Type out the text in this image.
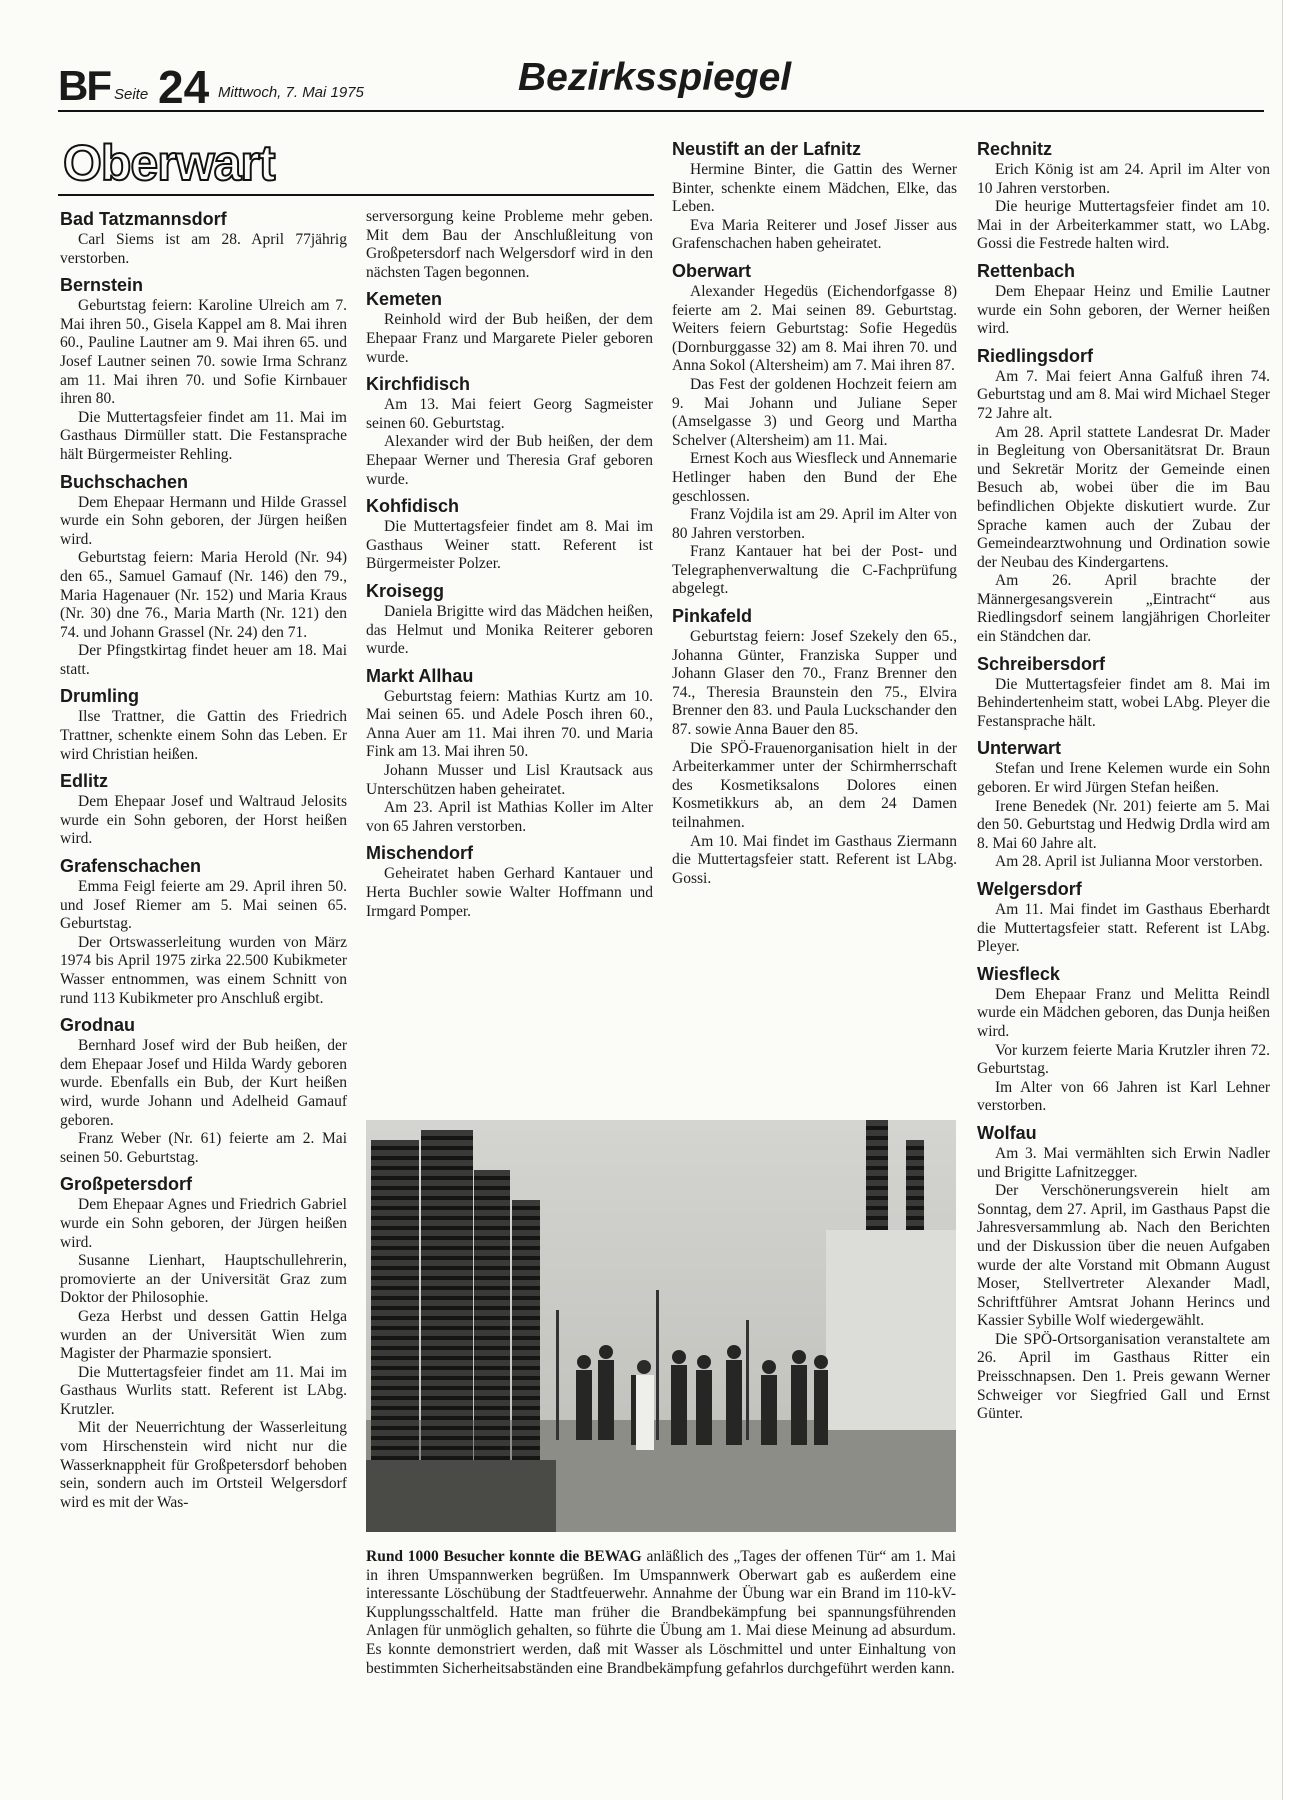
BF Seite 24 Mittwoch, 7. Mai 1975	Bezirksspiegel
Oberwart
Bad Tatzmannsdorf

Carl Siems ist am 28. April 77jährig verstorben.

Bernstein

Geburtstag feiern: Karoline Ulreich am 7. Mai ihren 50., Gisela Kappel am 8. Mai ihren 60., Pauline Lautner am 9. Mai ihren 65. und Josef Lautner seinen 70. sowie Irma Schranz am 11. Mai ihren 70. und Sofie Kirnbauer ihren 80.

Die Muttertagsfeier findet am 11. Mai im Gasthaus Dirmüller statt. Die Festansprache hält Bürgermeister Rehling.

Buchschachen

Dem Ehepaar Hermann und Hilde Grassel wurde ein Sohn geboren, der Jürgen heißen wird.

Geburtstag feiern: Maria Herold (Nr. 94) den 65., Samuel Gamauf (Nr. 146) den 79., Maria Hagenauer (Nr. 152) und Maria Kraus (Nr. 30) dne 76., Maria Marth (Nr. 121) den 74. und Johann Grassel (Nr. 24) den 71.

Der Pfingstkirtag findet heuer am 18. Mai statt.

Drumling

Ilse Trattner, die Gattin des Friedrich Trattner, schenkte einem Sohn das Leben. Er wird Christian heißen.

Edlitz

Dem Ehepaar Josef und Waltraud Jelosits wurde ein Sohn geboren, der Horst heißen wird.

Grafenschachen

Emma Feigl feierte am 29. April ihren 50. und Josef Riemer am 5. Mai seinen 65. Geburtstag.

Der Ortswasserleitung wurden von März 1974 bis April 1975 zirka 22.500 Kubikmeter Wasser entnommen, was einem Schnitt von rund 113 Kubikmeter pro Anschluß ergibt.

Grodnau

Bernhard Josef wird der Bub heißen, der dem Ehepaar Josef und Hilda Wardy geboren wurde. Ebenfalls ein Bub, der Kurt heißen wird, wurde Johann und Adelheid Gamauf geboren.

Franz Weber (Nr. 61) feierte am 2. Mai seinen 50. Geburtstag.

Großpetersdorf

Dem Ehepaar Agnes und Friedrich Gabriel wurde ein Sohn geboren, der Jürgen heißen wird.

Susanne Lienhart, Hauptschullehrerin, promovierte an der Universität Graz zum Doktor der Philosophie.

Geza Herbst und dessen Gattin Helga wurden an der Universität Wien zum Magister der Pharmazie sponsiert.

Die Muttertagsfeier findet am 11. Mai im Gasthaus Wurlits statt. Referent ist LAbg. Krutzler.

Mit der Neuerrichtung der Wasserleitung vom Hirschenstein wird nicht nur die Wasserknappheit für Großpetersdorf behoben sein, sondern auch im Ortsteil Welgersdorf wird es mit der Was-

serversorgung keine Probleme mehr geben. Mit dem Bau der Anschlußleitung von Großpetersdorf nach Welgersdorf wird in den nächsten Tagen begonnen.

Kemeten

Reinhold wird der Bub heißen, der dem Ehepaar Franz und Margarete Pieler geboren wurde.

Kirchfidisch

Am 13. Mai feiert Georg Sagmeister seinen 60. Geburtstag.

Alexander wird der Bub heißen, der dem Ehepaar Werner und Theresia Graf geboren wurde.

Kohfidisch

Die Muttertagsfeier findet am 8. Mai im Gasthaus Weiner statt. Referent ist Bürgermeister Polzer.

Kroisegg

Daniela Brigitte wird das Mädchen heißen, das Helmut und Monika Reiterer geboren wurde.

Markt Allhau

Geburtstag feiern: Mathias Kurtz am 10. Mai seinen 65. und Adele Posch ihren 60., Anna Auer am 11. Mai ihren 70. und Maria Fink am 13. Mai ihren 50.

Johann Musser und Lisl Krautsack aus Unterschützen haben geheiratet.

Am 23. April ist Mathias Koller im Alter von 65 Jahren verstorben.

Mischendorf

Geheiratet haben Gerhard Kantauer und Herta Buchler sowie Walter Hoffmann und Irmgard Pomper.

Neustift an der Lafnitz

Hermine Binter, die Gattin des Werner Binter, schenkte einem Mädchen, Elke, das Leben.

Eva Maria Reiterer und Josef Jisser aus Grafenschachen haben geheiratet.

Oberwart

Alexander Hegedüs (Eichendorfgasse 8) feierte am 2. Mai seinen 89. Geburtstag. Weiters feiern Geburtstag: Sofie Hegedüs (Dornburggasse 32) am 8. Mai ihren 70. und Anna Sokol (Altersheim) am 7. Mai ihren 87.

Das Fest der goldenen Hochzeit feiern am 9. Mai Johann und Juliane Seper (Amselgasse 3) und Georg und Martha Schelver (Altersheim) am 11. Mai.

Ernest Koch aus Wiesfleck und Annemarie Hetlinger haben den Bund der Ehe geschlossen.

Franz Vojdila ist am 29. April im Alter von 80 Jahren verstorben.

Franz Kantauer hat bei der Post- und Telegraphenverwaltung die C-Fachprüfung abgelegt.

Pinkafeld

Geburtstag feiern: Josef Szekely den 65., Johanna Günter, Franziska Supper und Johann Glaser den 70., Franz Brenner den 74., Theresia Braunstein den 75., Elvira Brenner den 83. und Paula Luckschander den 87. sowie Anna Bauer den 85.

Die SPÖ-Frauenorganisation hielt in der Arbeiterkammer unter der Schirmherrschaft des Kosmetiksalons Dolores einen Kosmetikkurs ab, an dem 24 Damen teilnahmen.

Am 10. Mai findet im Gasthaus Ziermann die Muttertagsfeier statt. Referent ist LAbg. Gossi.

Rechnitz

Erich König ist am 24. April im Alter von 10 Jahren verstorben.

Die heurige Muttertagsfeier findet am 10. Mai in der Arbeiterkammer statt, wo LAbg. Gossi die Festrede halten wird.

Rettenbach

Dem Ehepaar Heinz und Emilie Lautner wurde ein Sohn geboren, der Werner heißen wird.

Riedlingsdorf

Am 7. Mai feiert Anna Galfuß ihren 74. Geburtstag und am 8. Mai wird Michael Steger 72 Jahre alt.

Am 28. April stattete Landesrat Dr. Mader in Begleitung von Obersanitätsrat Dr. Braun und Sekretär Moritz der Gemeinde einen Besuch ab, wobei über die im Bau befindlichen Objekte diskutiert wurde. Zur Sprache kamen auch der Zubau der Gemeindearztwohnung und Ordination sowie der Neubau des Kindergartens.

Am 26. April brachte der Männergesangsverein „Eintracht“ aus Riedlingsdorf seinem langjährigen Chorleiter ein Ständchen dar.

Schreibersdorf

Die Muttertagsfeier findet am 8. Mai im Behindertenheim statt, wobei LAbg. Pleyer die Festansprache hält.

Unterwart

Stefan und Irene Kelemen wurde ein Sohn geboren. Er wird Jürgen Stefan heißen.

Irene Benedek (Nr. 201) feierte am 5. Mai den 50. Geburtstag und Hedwig Drdla wird am 8. Mai 60 Jahre alt.

Am 28. April ist Julianna Moor verstorben.

Welgersdorf

Am 11. Mai findet im Gasthaus Eberhardt die Muttertagsfeier statt. Referent ist LAbg. Pleyer.

Wiesfleck

Dem Ehepaar Franz und Melitta Reindl wurde ein Mädchen geboren, das Dunja heißen wird.

Vor kurzem feierte Maria Krutzler ihren 72. Geburtstag.

Im Alter von 66 Jahren ist Karl Lehner verstorben.

Wolfau

Am 3. Mai vermählten sich Erwin Nadler und Brigitte Lafnitzegger.

Der Verschönerungsverein hielt am Sonntag, dem 27. April, im Gasthaus Papst die Jahresversammlung ab. Nach den Berichten und der Diskussion über die neuen Aufgaben wurde der alte Vorstand mit Obmann August Moser, Stellvertreter Alexander Madl, Schriftführer Amtsrat Johann Herincs und Kassier Sybille Wolf wiedergewählt.

Die SPÖ-Ortsorganisation veranstaltete am 26. April im Gasthaus Ritter ein Preisschnapsen. Den 1. Preis gewann Werner Schweiger vor Siegfried Gall und Ernst Günter.

Rund 1000 Besucher konnte die BEWAG anläßlich des „Tages der offenen Tür“ am 1. Mai in ihren Umspannwerken begrüßen. Im Umspannwerk Oberwart gab es außerdem eine interessante Löschübung der Stadtfeuerwehr. Annahme der Übung war ein Brand im 110-kV-Kupplungsschaltfeld. Hatte man früher die Brandbekämpfung bei spannungsführenden Anlagen für unmöglich gehalten, so führte die Übung am 1. Mai diese Meinung ad absurdum. Es konnte demonstriert werden, daß mit Wasser als Löschmittel und unter Einhaltung von bestimmten Sicherheitsabständen eine Brandbekämpfung gefahrlos durchgeführt werden kann.
